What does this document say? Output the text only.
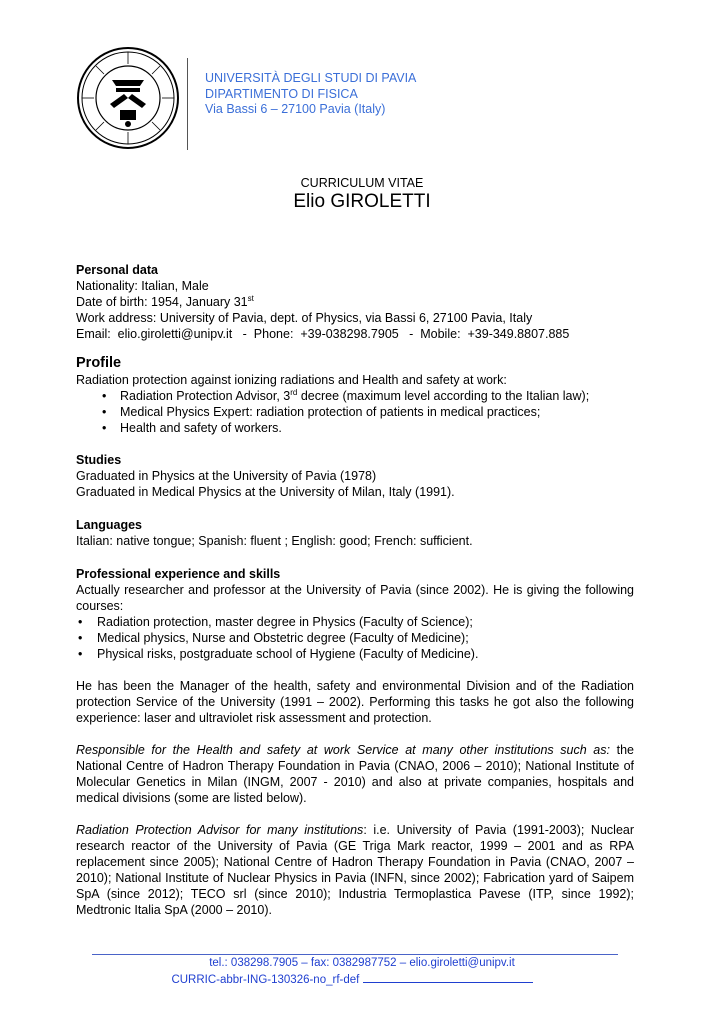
UNIVERSITÀ DEGLI STUDI DI PAVIA
DIPARTIMENTO DI FISICA
Via Bassi 6 – 27100 Pavia (Italy)
CURRICULUM VITAE
Elio GIROLETTI
Personal data
Nationality: Italian, Male
Date of birth: 1954, January 31st
Work address: University of Pavia, dept. of Physics, via Bassi 6, 27100 Pavia, Italy
Email:  elio.giroletti@unipv.it   -  Phone:  +39-038298.7905   -  Mobile:  +39-349.8807.885
Profile
Radiation protection against ionizing radiations and Health and safety at work:
• Radiation Protection Advisor, 3rd decree (maximum level according to the Italian law);
• Medical Physics Expert: radiation protection of patients in medical practices;
• Health and safety of workers.
Studies
Graduated in Physics at the University of Pavia (1978)
Graduated in Medical Physics at the University of Milan, Italy (1991).
Languages
Italian: native tongue; Spanish: fluent ; English: good; French: sufficient.
Professional experience and skills
Actually researcher and professor at the University of Pavia (since 2002). He is giving the following courses:
• Radiation protection, master degree in Physics (Faculty of Science);
• Medical physics, Nurse and Obstetric degree (Faculty of Medicine);
• Physical risks, postgraduate school of Hygiene (Faculty of Medicine).
He has been the Manager of the health, safety and environmental Division and of the Radiation protection Service of the University (1991 – 2002). Performing this tasks he got also the following experience: laser and ultraviolet risk assessment and protection.
Responsible for the Health and safety at work Service at many other institutions such as: the National Centre of Hadron Therapy Foundation in Pavia (CNAO, 2006 – 2010); National Institute of Molecular Genetics in Milan (INGM, 2007 - 2010) and also at private companies, hospitals and medical divisions (some are listed below).
Radiation Protection Advisor for many institutions: i.e. University of Pavia (1991-2003); Nuclear research reactor of the University of Pavia (GE Triga Mark reactor, 1999 – 2001 and as RPA replacement since 2005); National Centre of Hadron Therapy Foundation in Pavia (CNAO, 2007 – 2010); National Institute of Nuclear Physics in Pavia (INFN, since 2002); Fabrication yard of Saipem SpA (since 2012); TECO srl (since 2010); Industria Termoplastica Pavese (ITP, since 1992); Medtronic Italia SpA (2000 – 2010).
tel.: 038298.7905 – fax: 0382987752 – elio.giroletti@unipv.it
CURRIC-abbr-ING-130326-no_rf-def
